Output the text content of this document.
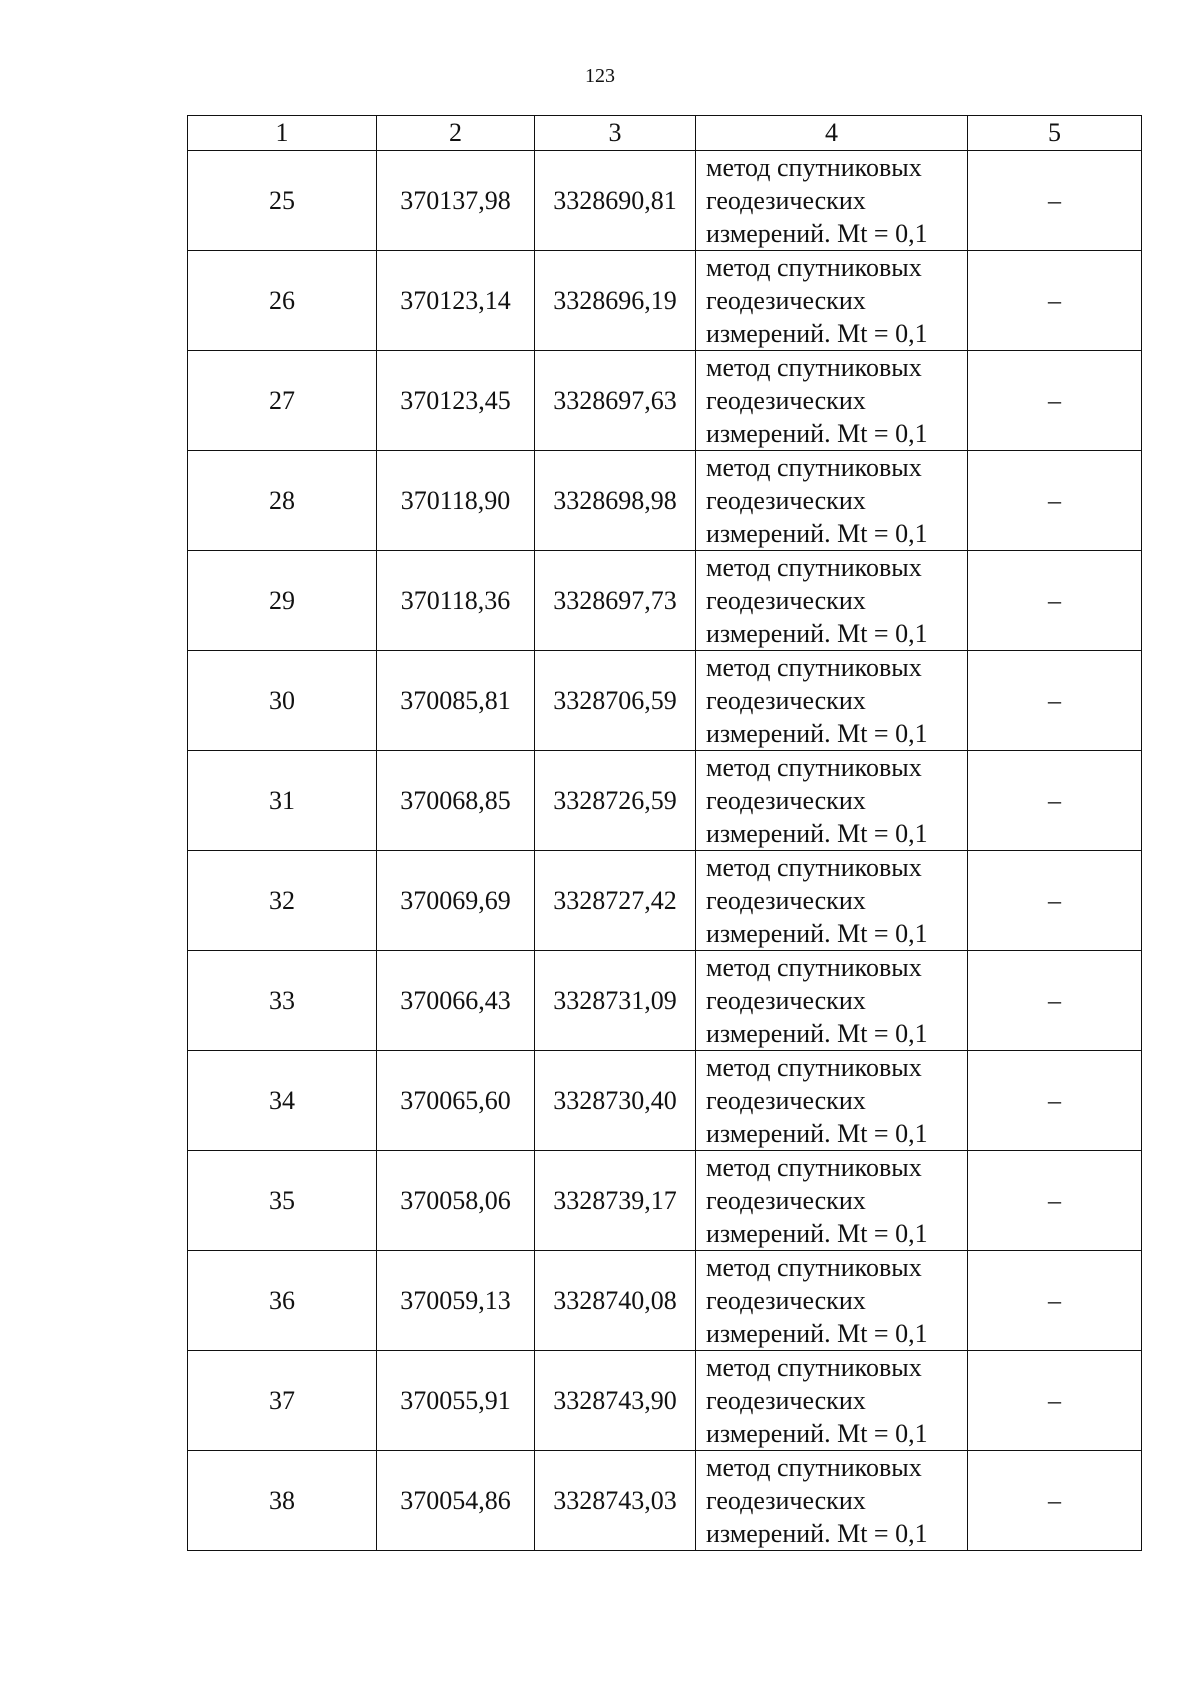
123
1	2	3	4	5
25	370137,98	3328690,81	метод спутниковых
геодезических
измерений. Mt = 0,1	–
26	370123,14	3328696,19	метод спутниковых
геодезических
измерений. Mt = 0,1	–
27	370123,45	3328697,63	метод спутниковых
геодезических
измерений. Mt = 0,1	–
28	370118,90	3328698,98	метод спутниковых
геодезических
измерений. Mt = 0,1	–
29	370118,36	3328697,73	метод спутниковых
геодезических
измерений. Mt = 0,1	–
30	370085,81	3328706,59	метод спутниковых
геодезических
измерений. Mt = 0,1	–
31	370068,85	3328726,59	метод спутниковых
геодезических
измерений. Mt = 0,1	–
32	370069,69	3328727,42	метод спутниковых
геодезических
измерений. Mt = 0,1	–
33	370066,43	3328731,09	метод спутниковых
геодезических
измерений. Mt = 0,1	–
34	370065,60	3328730,40	метод спутниковых
геодезических
измерений. Mt = 0,1	–
35	370058,06	3328739,17	метод спутниковых
геодезических
измерений. Mt = 0,1	–
36	370059,13	3328740,08	метод спутниковых
геодезических
измерений. Mt = 0,1	–
37	370055,91	3328743,90	метод спутниковых
геодезических
измерений. Mt = 0,1	–
38	370054,86	3328743,03	метод спутниковых
геодезических
измерений. Mt = 0,1	–
